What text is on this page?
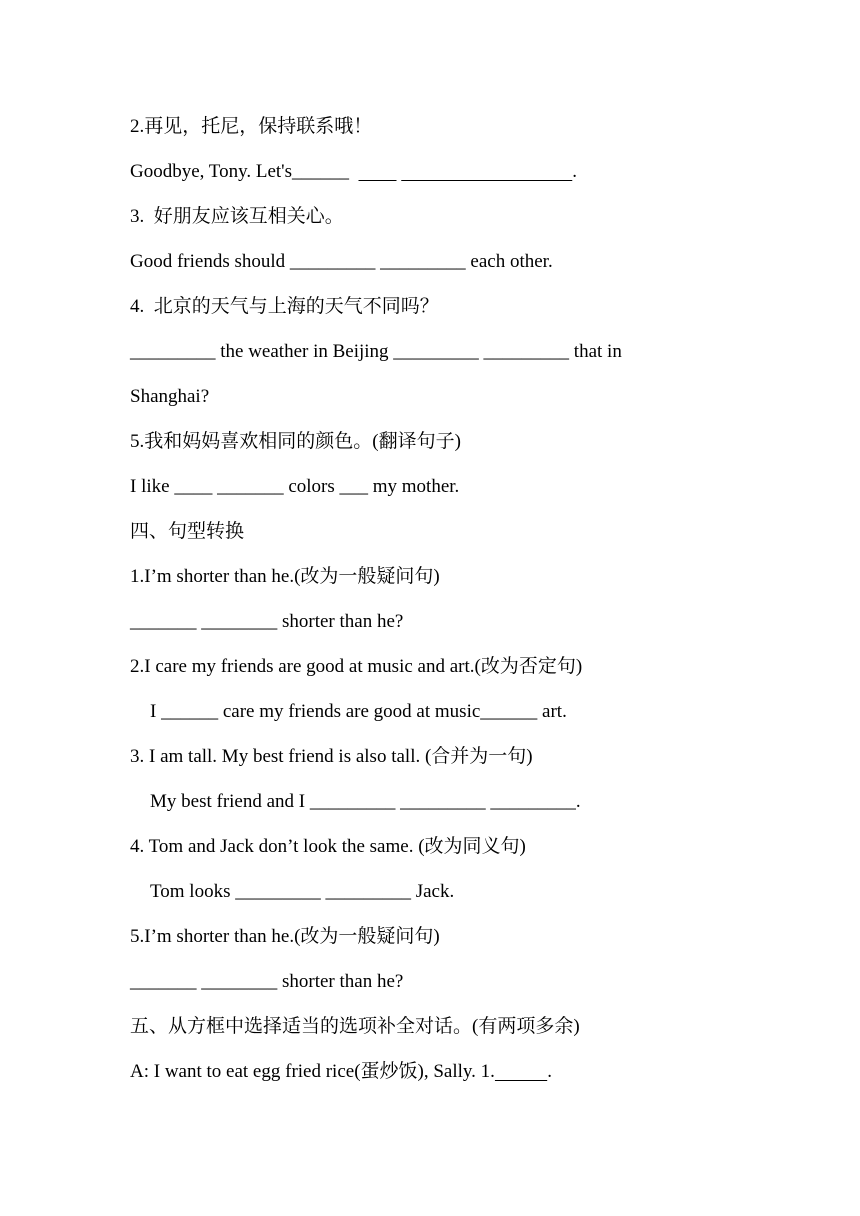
2.再见，托尼，保持联系哦！
Goodbye, Tony. Let's______	.
3.  好朋友应该互相关心。
Good friends should _________ _________ each other.
4.  北京的天气与上海的天气不同吗？
_________ the weather in Beijing _________ _________ that in
Shanghai?
5.我和妈妈喜欢相同的颜色。(翻译句子)
I like ____ _______ colors ___ my mother.
四、句型转换
1.I’m shorter than he.(改为一般疑问句)
_______ ________ shorter than he?
2.I care my friends are good at music and art.(改为否定句)
I ______ care my friends are good at music______ art.
3. I am tall. My best friend is also tall. (合并为一句)
My best friend and I _________ _________ _________.
4. Tom and Jack don’t look the same. (改为同义句)
Tom looks _________ _________ Jack.
5.I’m shorter than he.(改为一般疑问句)
_______ ________ shorter than he?
五、从方框中选择适当的选项补全对话。(有两项多余)
A: I want to eat egg fried rice(蛋炒饭), Sally. 1.	.
